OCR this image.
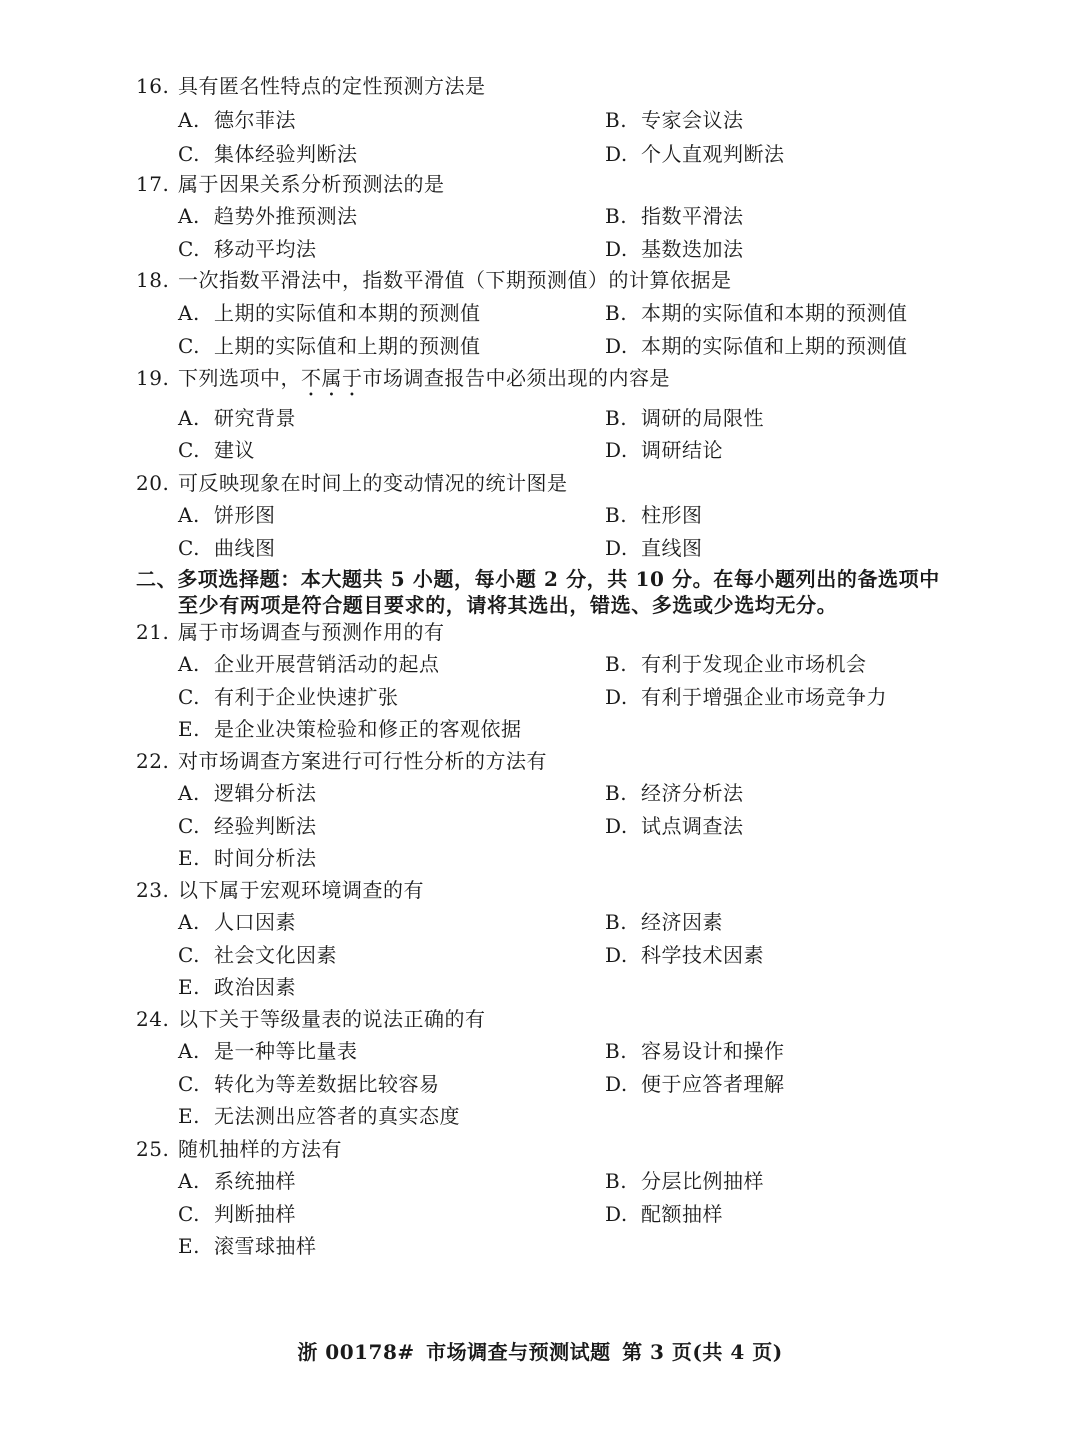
16. 具有匿名性特点的定性预测方法是
A. 德尔菲法	B. 专家会议法
C. 集体经验判断法	D. 个人直观判断法
17. 属于因果关系分析预测法的是
A. 趋势外推预测法	B. 指数平滑法
C. 移动平均法	D. 基数迭加法
18. 一次指数平滑法中，指数平滑值（下期预测值）的计算依据是
A. 上期的实际值和本期的预测值	B. 本期的实际值和本期的预测值
C. 上期的实际值和上期的预测值	D. 本期的实际值和上期的预测值
19. 下列选项中，不属于市场调查报告中必须出现的内容是
A. 研究背景	B. 调研的局限性
C. 建议	D. 调研结论
20. 可反映现象在时间上的变动情况的统计图是
A. 饼形图	B. 柱形图
C. 曲线图	D. 直线图
二、多项选择题：本大题共 5 小题，每小题 2 分，共 10 分。在每小题列出的备选项中
至少有两项是符合题目要求的，请将其选出，错选、多选或少选均无分。
21. 属于市场调查与预测作用的有
A. 企业开展营销活动的起点	B. 有利于发现企业市场机会
C. 有利于企业快速扩张	D. 有利于增强企业市场竞争力
E. 是企业决策检验和修正的客观依据
22. 对市场调查方案进行可行性分析的方法有
A. 逻辑分析法	B. 经济分析法
C. 经验判断法	D. 试点调查法
E. 时间分析法
23. 以下属于宏观环境调查的有
A. 人口因素	B. 经济因素
C. 社会文化因素	D. 科学技术因素
E. 政治因素
24. 以下关于等级量表的说法正确的有
A. 是一种等比量表	B. 容易设计和操作
C. 转化为等差数据比较容易	D. 便于应答者理解
E. 无法测出应答者的真实态度
25. 随机抽样的方法有
A. 系统抽样	B. 分层比例抽样
C. 判断抽样	D. 配额抽样
E. 滚雪球抽样
浙 00178# 市场调查与预测试题 第 3 页(共 4 页)
